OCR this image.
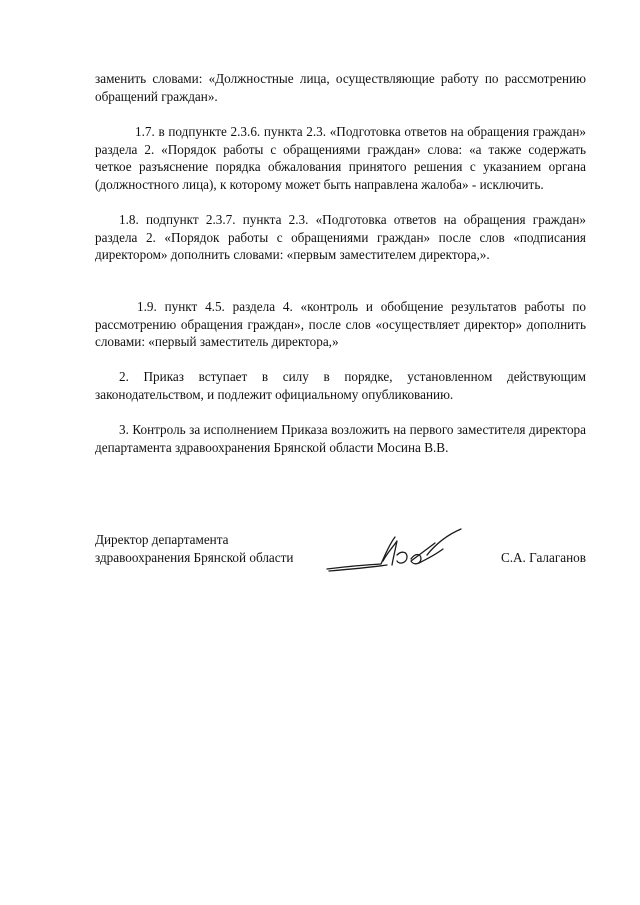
заменить словами: «Должностные лица, осуществляющие работу по рассмотрению обращений граждан».

1.7. в подпункте 2.3.6. пункта 2.3. «Подготовка ответов на обращения граждан» раздела 2. «Порядок работы с обращениями граждан» слова: «а также содержать четкое разъяснение порядка обжалования принятого решения с указанием органа (должностного лица), к которому может быть направлена жалоба» - исключить.

1.8. подпункт 2.3.7. пункта 2.3. «Подготовка ответов на обращения граждан» раздела 2. «Порядок работы с обращениями граждан» после слов «подписания директором» дополнить словами: «первым заместителем директора,».

1.9. пункт 4.5. раздела 4. «контроль и обобщение результатов работы по рассмотрению обращения граждан», после слов «осуществляет директор» дополнить словами: «первый заместитель директора,»

2. Приказ вступает в силу в порядке, установленном действующим законодательством, и подлежит официальному опубликованию.

3. Контроль за исполнением Приказа возложить на первого заместителя директора департамента здравоохранения Брянской области Мосина В.В.

Директор департамента
здравоохранения Брянской области	С.А. Галаганов
